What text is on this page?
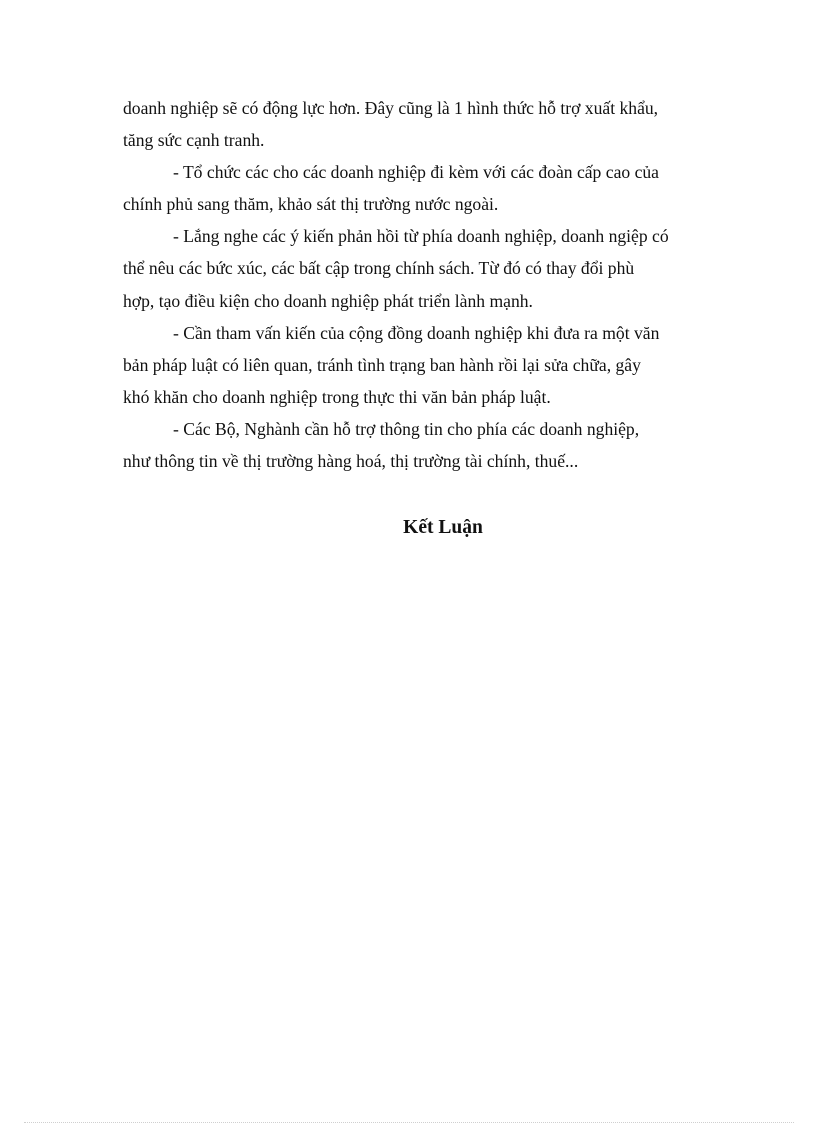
doanh nghiệp sẽ có động lực hơn. Đây cũng là 1 hình thức hỗ trợ xuất khẩu,
tăng sức cạnh tranh.
- Tổ chức các cho các doanh nghiệp đi kèm với các đoàn cấp cao của
chính phủ sang thăm, khảo sát thị trường nước ngoài.
- Lắng nghe các ý kiến phản hồi từ phía doanh nghiệp, doanh ngiệp có
thể nêu các bức xúc, các bất cập trong chính sách. Từ đó có thay đổi phù
hợp, tạo điều kiện cho doanh nghiệp phát triển lành mạnh.
- Cần tham vấn kiến của cộng đồng doanh nghiệp khi đưa ra một văn
bản pháp luật có liên quan, tránh tình trạng ban hành rồi lại sửa chữa, gây
khó khăn cho doanh nghiệp trong thực thi văn bản pháp luật.
- Các Bộ, Nghành cần hỗ trợ thông tin cho phía các doanh nghiệp,
như thông tin về thị trường hàng hoá, thị trường tài chính, thuế...
Kết Luận
